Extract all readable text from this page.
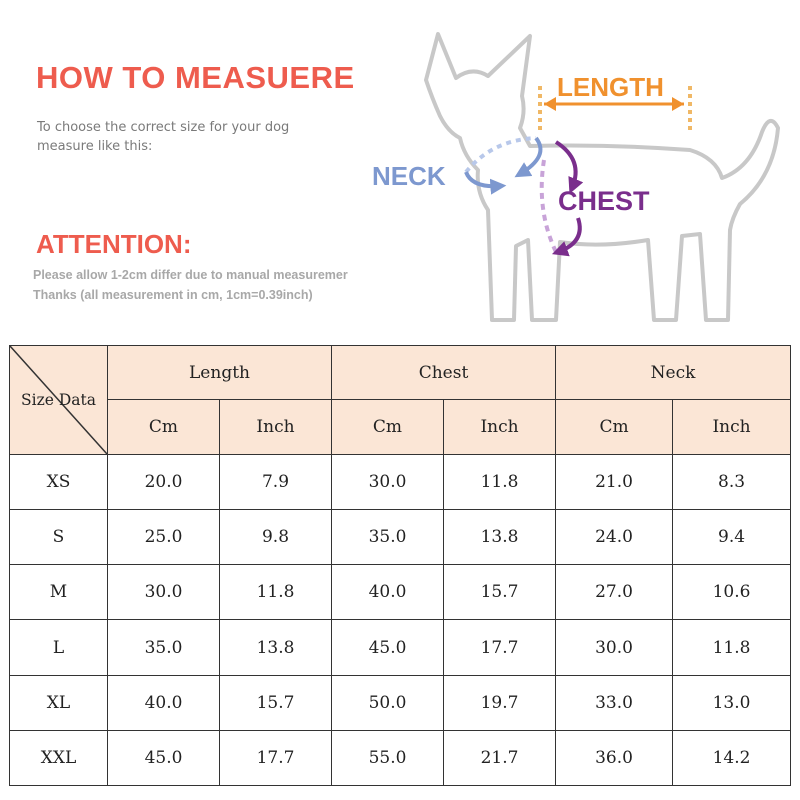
HOW TO MEASUERE
To choose the correct size for your dog
measure like this:
ATTENTION:
Please allow 1-2cm differ due to manual measuremer
Thanks (all measurement in cm, 1cm=0.39inch)
LENGTH
NECK
CHEST
Size Data	Length		Chest		Neck	
	Cm	Inch	Cm	Inch	Cm	Inch
XS	20.0	7.9	30.0	11.8	21.0	8.3
S	25.0	9.8	35.0	13.8	24.0	9.4
M	30.0	11.8	40.0	15.7	27.0	10.6
L	35.0	13.8	45.0	17.7	30.0	11.8
XL	40.0	15.7	50.0	19.7	33.0	13.0
XXL	45.0	17.7	55.0	21.7	36.0	14.2
